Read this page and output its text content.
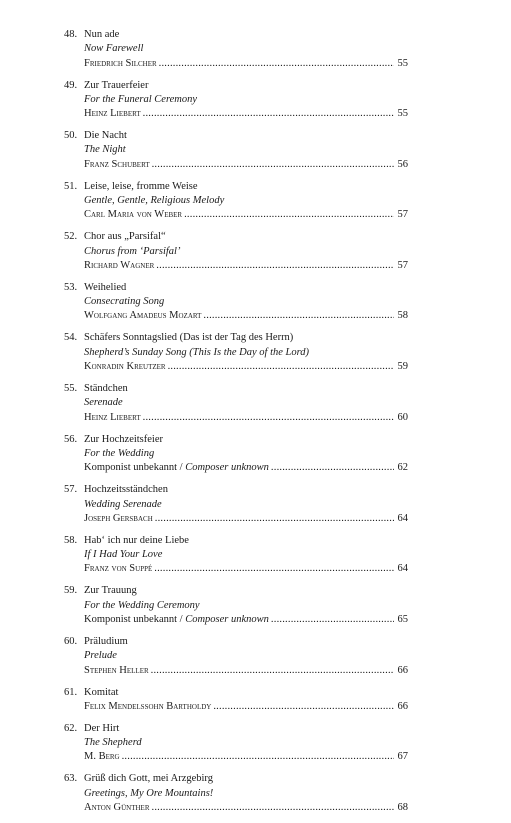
48. Nun ade
Now Farewell
Friedrich Silcher .....	55
49. Zur Trauerfeier
For the Funeral Ceremony
Heinz Liebert .....	55
50. Die Nacht
The Night
Franz Schubert .....	56
51. Leise, leise, fromme Weise
Gentle, Gentle, Religious Melody
Carl Maria von Weber .....	57
52. Chor aus „Parsifal“
Chorus from ‘Parsifal’
Richard Wagner .....	57
53. Weihelied
Consecrating Song
Wolfgang Amadeus Mozart .....	58
54. Schäfers Sonntagslied (Das ist der Tag des Herrn)
Shepherd’s Sunday Song (This Is the Day of the Lord)
Konradin Kreutzer .....	59
55. Ständchen
Serenade
Heinz Liebert .....	60
56. Zur Hochzeitsfeier
For the Wedding
Komponist unbekannt / Composer unknown .....	62
57. Hochzeitsständchen
Wedding Serenade
Joseph Gersbach .....	64
58. Hab‘ ich nur deine Liebe
If I Had Your Love
Franz von Suppé .....	64
59. Zur Trauung
For the Wedding Ceremony
Komponist unbekannt / Composer unknown .....	65
60. Präludium
Prelude
Stephen Heller .....	66
61. Komitat
Felix Mendelssohn Bartholdy .....	66
62. Der Hirt
The Shepherd
M. Berg .....	67
63. Grüß dich Gott, mei Arzgebirg
Greetings, My Ore Mountains!
Anton Günther .....	68
